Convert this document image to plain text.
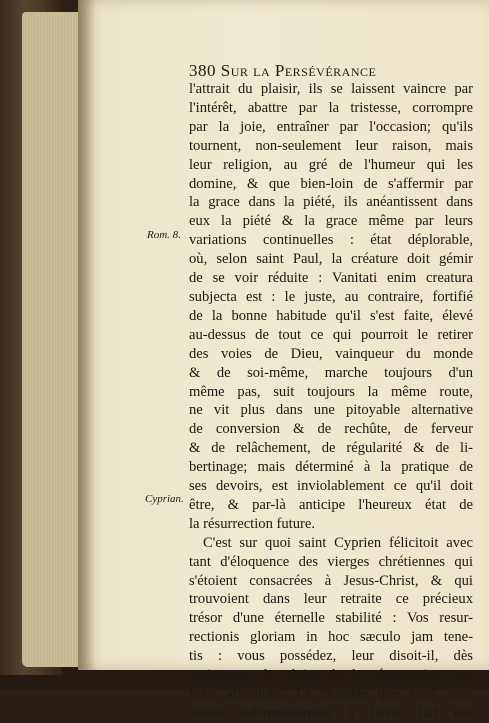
380 Sur la Persévérance
Rom. 8.
Cyprian.
l'attrait du plaisir, ils se laissent vaincre par
l'intérêt, abattre par la tristesse, corrompre
par la joie, entraîner par l'occasion; qu'ils
tournent, non-seulement leur raison, mais
leur religion, au gré de l'humeur qui les
domine, & que bien-loin de s'affermir par
la grace dans la piété, ils anéantissent dans
eux la piété & la grace même par leurs
variations continuelles : état déplorable,
où, selon saint Paul, la créature doit gémir
de se voir réduite : Vanitati enim creatura
subjecta est : le juste, au contraire, fortifié
de la bonne habitude qu'il s'est faite, élevé
au-dessus de tout ce qui pourroit le retirer
des voies de Dieu, vainqueur du monde
& de soi-même, marche toujours d'un
même pas, suit toujours la même route,
ne vit plus dans une pitoyable alternative
de conversion & de rechûte, de ferveur
& de relâchement, de régularité & de li-
bertinage; mais déterminé à la pratique de
ses devoirs, est inviolablement ce qu'il doit
être, & par-là anticipe l'heureux état de
la résurrection future.
C'est sur quoi saint Cyprien félicitoit avec
tant d'éloquence des vierges chrétiennes qui
s'étoient consacrées à Jesus-Christ, & qui
trouvoient dans leur retraite ce précieux
trésor d'une éternelle stabilité : Vos resur-
rectionis gloriam in hoc sæculo jam tene-
tis : vous possédez, leur disoit-il, dès
maintenant la gloire de la résurrection que
nous attendons. La chasteté que vous avez
vouée solemnellement à Dieu, fait dès
